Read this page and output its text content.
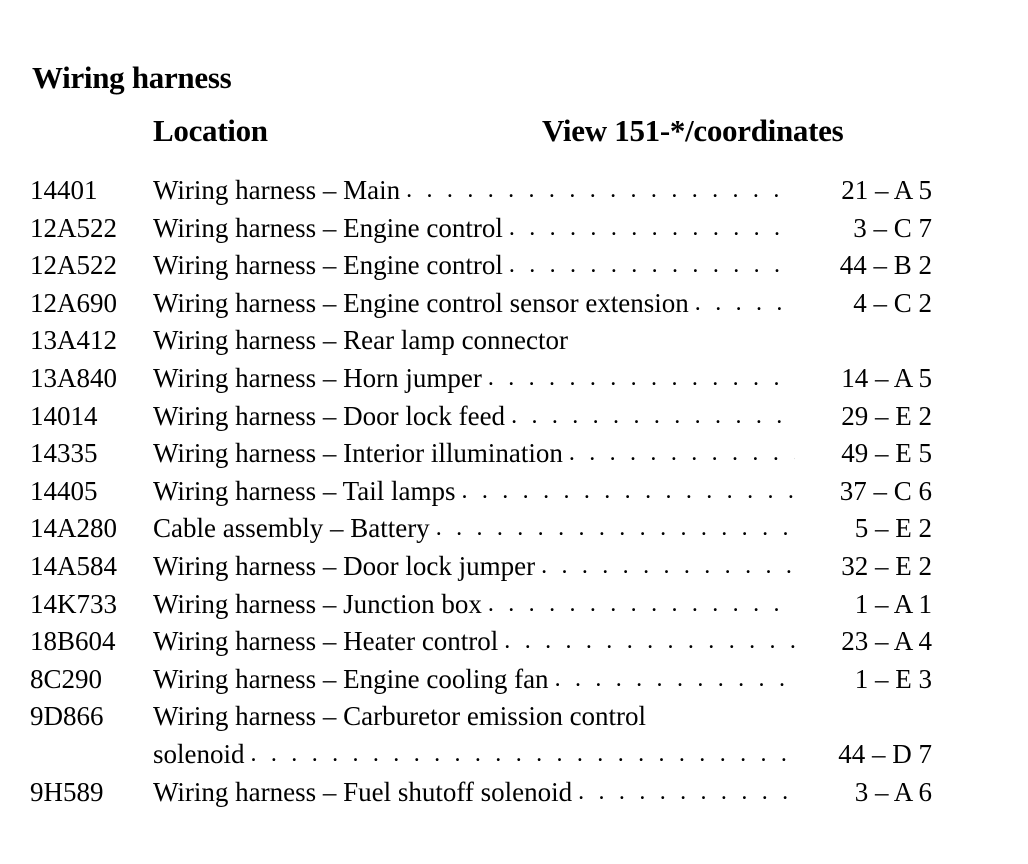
Wiring harness
Location	View 151-*/coordinates
14401 Wiring harness – Main . . .	21 – A 5
12A522 Wiring harness – Engine control . . .	3 – C 7
12A522 Wiring harness – Engine control . . .	44 – B 2
12A690 Wiring harness – Engine control sensor extension . . .	4 – C 2
13A412 Wiring harness – Rear lamp connector
13A840 Wiring harness – Horn jumper . . .	14 – A 5
14014 Wiring harness – Door lock feed . . .	29 – E 2
14335 Wiring harness – Interior illumination . . .	49 – E 5
14405 Wiring harness – Tail lamps . . .	37 – C 6
14A280 Cable assembly – Battery . . .	5 – E 2
14A584 Wiring harness – Door lock jumper . . .	32 – E 2
14K733 Wiring harness – Junction box . . .	1 – A 1
18B604 Wiring harness – Heater control . . .	23 – A 4
8C290 Wiring harness – Engine cooling fan . . .	1 – E 3
9D866 Wiring harness – Carburetor emission control
solenoid . . .	44 – D 7
9H589 Wiring harness – Fuel shutoff solenoid . . .	3 – A 6
